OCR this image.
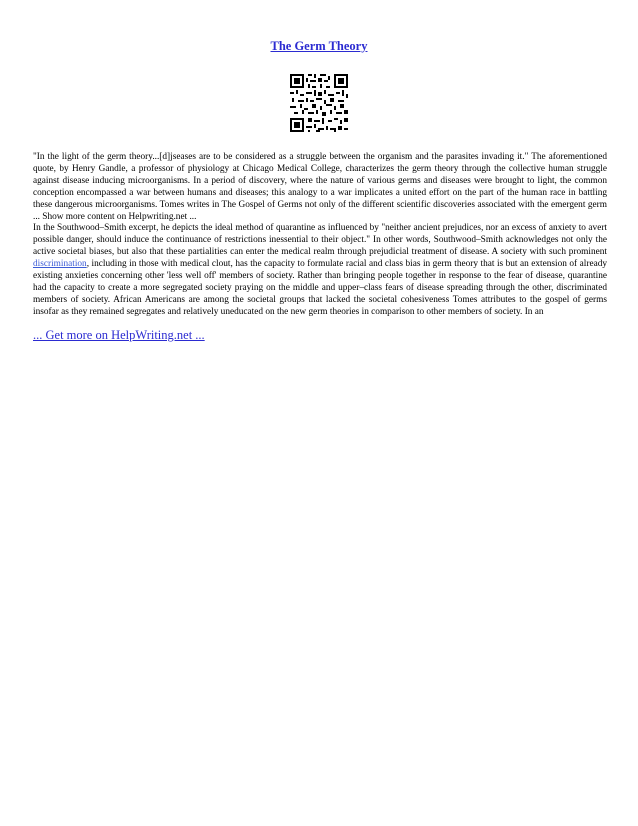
The Germ Theory

"In the light of the germ theory...[d]jseases are to be considered as a struggle between the organism and the parasites invading it." The aforementioned quote, by Henry Gandle, a professor of physiology at Chicago Medical College, characterizes the germ theory through the collective human struggle against disease inducing microorganisms. In a period of discovery, where the nature of various germs and diseases were brought to light, the common conception encompassed a war between humans and diseases; this analogy to a war implicates a united effort on the part of the human race in battling these dangerous microorganisms. Tomes writes in The Gospel of Germs not only of the different scientific discoveries associated with the emergent germ ... Show more content on Helpwriting.net ...

In the Southwood–Smith excerpt, he depicts the ideal method of quarantine as influenced by "neither ancient prejudices, nor an excess of anxiety to avert possible danger, should induce the continuance of restrictions inessential to their object." In other words, Southwood–Smith acknowledges not only the active societal biases, but also that these partialities can enter the medical realm through prejudicial treatment of disease. A society with such prominent discrimination, including in those with medical clout, has the capacity to formulate racial and class bias in germ theory that is but an extension of already existing anxieties concerning other 'less well off' members of society. Rather than bringing people together in response to the fear of disease, quarantine had the capacity to create a more segregated society praying on the middle and upper–class fears of disease spreading through the other, discriminated members of society. African Americans are among the societal groups that lacked the societal cohesiveness Tomes attributes to the gospel of germs insofar as they remained segregates and relatively uneducated on the new germ theories in comparison to other members of society. In an

... Get more on HelpWriting.net ...
